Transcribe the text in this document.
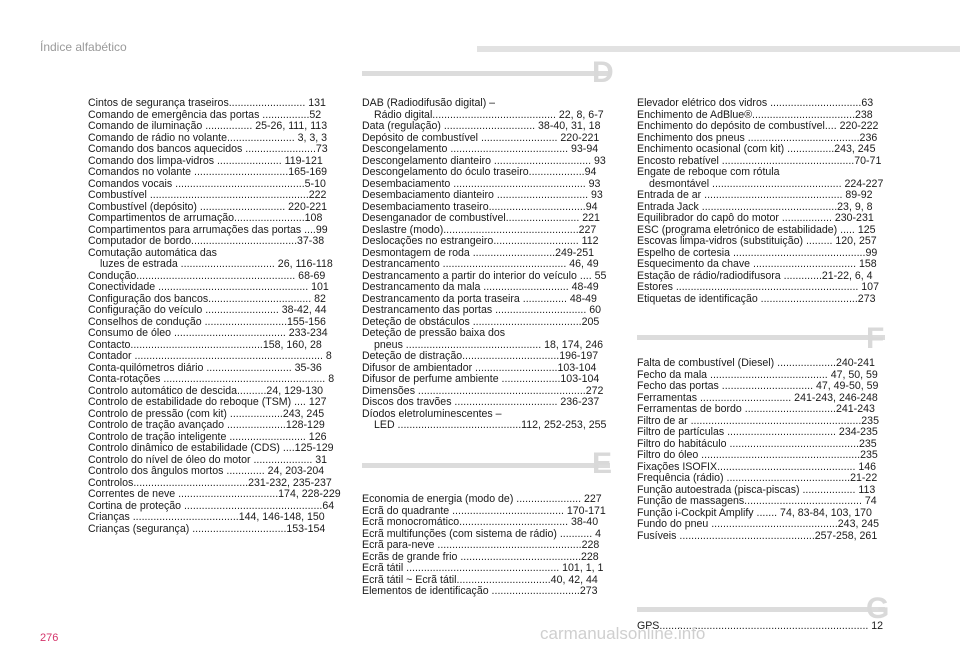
Índice alfabético
Cintos de segurança traseiros.......................... 131
Comando de emergência das portas ................52
Comando de iluminação ................ 25-26, 111, 113
Comando de rádio no volante....................... 3, 3, 3
Comando dos bancos aquecidos ........................73
Comando dos limpa-vidros ...................... 119-121
Comandos no volante ................................165-169
Comandos vocais ............................................5-10
Combustível ......................................................222
Combustível (depósito) ............................. 220-221
Compartimentos de arrumação........................108
Compartimentos para arrumações das portas ....99
Computador de bordo....................................37-38
Comutação automática das
luzes de estrada ................................ 26, 116-118
Condução...................................................... 68-69
Conectividade ................................................... 101
Configuração dos bancos................................... 82
Configuração do veículo ......................... 38-42, 44
Conselhos de condução ............................155-156
Consumo de óleo ...................................... 233-234
Contacto.............................................158, 160, 28
Contador ................................................................ 8
Conta-quilómetros diário ............................. 35-36
Conta-rotações ....................................................... 8
Controlo automático de descida..........24, 129-130
Controlo de estabilidade do reboque (TSM) .... 127
Controlo de pressão (com kit) ..................243, 245
Controlo de tração avançado ....................128-129
Controlo de tração inteligente .......................... 126
Controlo dinâmico de estabilidade (CDS) ....125-129
Controlo do nível de óleo do motor .................... 31
Controlo dos ângulos mortos ............. 24, 203-204
Controlos.......................................231-232, 235-237
Correntes de neve ..................................174, 228-229
Cortina de proteção ...............................................64
Crianças ....................................144, 146-148, 150
Crianças (segurança) ................................153-154
D
DAB (Radiodifusão digital) –
Rádio digital.......................................... 22, 8, 6-7
Data (regulação) ............................... 38-40, 31, 18
Depósito de combustível .......................... 220-221
Descongelamento ........................................ 93-94
Descongelamento dianteiro ................................. 93
Descongelamento do óculo traseiro...................94
Desembaciamento ............................................. 93
Desembaciamento dianteiro ............................... 93
Desembaciamento traseiro.................................94
Desenganador de combustível......................... 221
Deslastre (modo)..............................................227
Deslocações no estrangeiro............................. 112
Desmontagem de roda ............................249-251
Destrancamento .......................................... 46, 49
Destrancamento a partir do interior do veículo .... 55
Destrancamento da mala ............................. 48-49
Destrancamento da porta traseira ............... 48-49
Destrancamento das portas ............................... 60
Deteção de obstáculos .....................................205
Deteção de pressão baixa dos
pneus .............................................. 18, 174, 246
Deteção de distração.................................196-197
Difusor de ambientador ............................103-104
Difusor de perfume ambiente ....................103-104
Dimensões .........................................................272
Discos dos travões ................................... 236-237
Díodos eletroluminescentes –
LED ..........................................112, 252-253, 255
E
Economia de energia (modo de) ...................... 227
Ecrã do quadrante ...................................... 170-171
Ecrã monocromático..................................... 38-40
Ecrã multifunções (com sistema de rádio) ........... 4
Ecrã para-neve .................................................228
Ecrãs de grande frio .........................................228
Ecrã tátil .................................................... 101, 1, 1
Ecrã tátil ~ Ecrã tátil................................40, 42, 44
Elementos de identificação ..............................273
Elevador elétrico dos vidros ...............................63
Enchimento de AdBlue®...................................238
Enchimento do depósito de combustível.... 220-222
Enchimento dos pneus ......................................236
Enchimento ocasional (com kit) ................243, 245
Encosto rebatível .............................................70-71
Engate de reboque com rótula
desmontável ............................................ 224-227
Entrada de ar ............................................... 89-92
Entrada Jack ..............................................23, 9, 8
Equilibrador do capô do motor ................. 230-231
ESC (programa eletrónico de estabilidade) ..... 125
Escovas limpa-vidros (substituição) ......... 120, 257
Espelho de cortesia .............................................99
Esquecimento da chave ................................... 158
Estação de rádio/radiodifusora .............21-22, 6, 4
Estores .............................................................. 107
Etiquetas de identificação .................................273
F
Falta de combustível (Diesel) ....................240-241
Fecho da mala ........................................ 47, 50, 59
Fecho das portas ............................... 47, 49-50, 59
Ferramentas ............................... 241-243, 246-248
Ferramentas de bordo ...............................241-243
Filtro de ar ..........................................................235
Filtro de partículas ..................................... 234-235
Filtro do habitáculo ............................................235
Filtro do óleo ......................................................235
Fixações ISOFIX............................................... 146
Frequência (rádio) ..........................................21-22
Função autoestrada (pisca-piscas) .................. 113
Função de massagens........................................ 74
Função i-Cockpit Amplify ....... 74, 83-84, 103, 170
Fundo do pneu ...........................................243, 245
Fusíveis ..............................................257-258, 261
G
GPS....................................................................... 12
276	carmanualsonline.info
